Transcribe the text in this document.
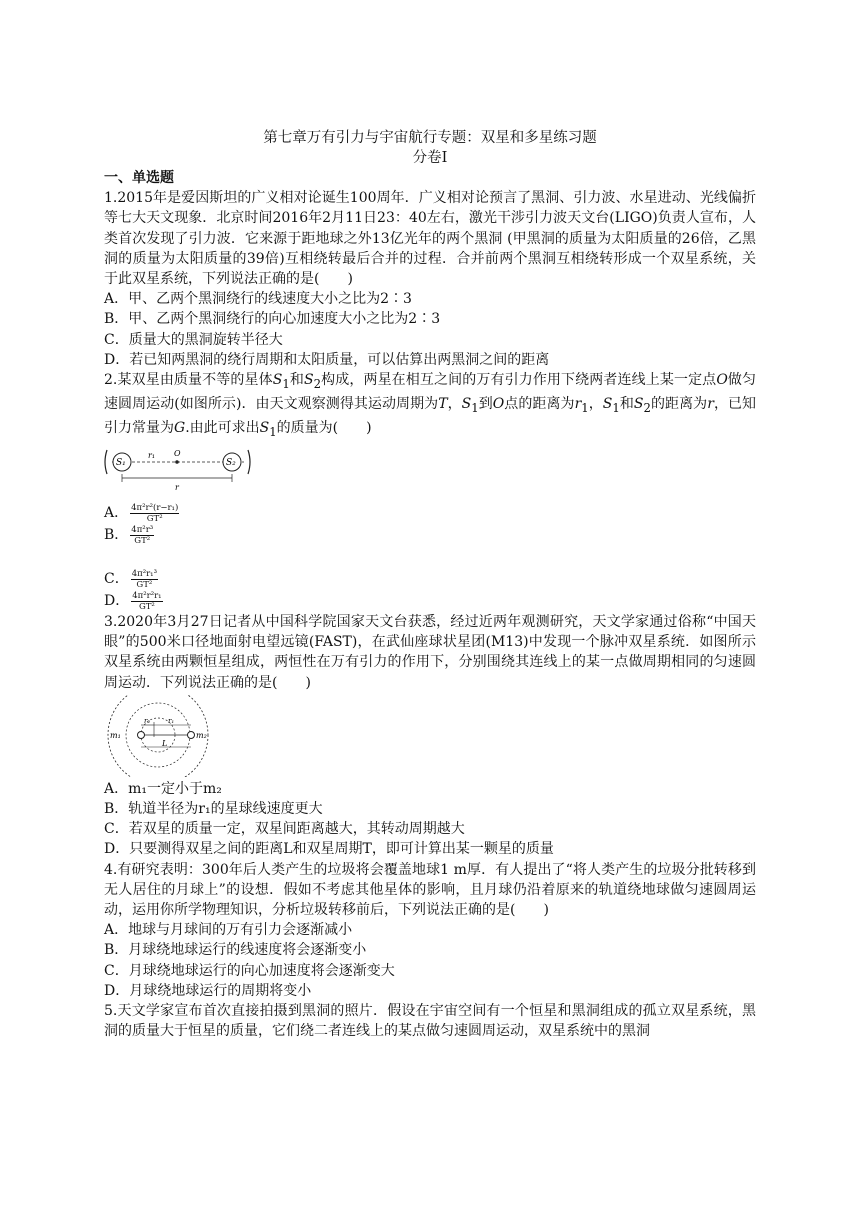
第七章万有引力与宇宙航行专题：双星和多星练习题
分卷I
一、单选题

1.2015年是爱因斯坦的广义相对论诞生100周年．广义相对论预言了黑洞、引力波、水星进动、光线偏折等七大天文现象．北京时间2016年2月11日23：40左右，激光干涉引力波天文台(LIGO)负责人宣布，人类首次发现了引力波．它来源于距地球之外13亿光年的两个黑洞 (甲黑洞的质量为太阳质量的26倍，乙黑洞的质量为太阳质量的39倍)互相绕转最后合并的过程．合并前两个黑洞互相绕转形成一个双星系统，关于此双星系统，下列说法正确的是(　　)

A．甲、乙两个黑洞绕行的线速度大小之比为2∶3
B．甲、乙两个黑洞绕行的向心加速度大小之比为2∶3
C．质量大的黑洞旋转半径大
D．若已知两黑洞的绕行周期和太阳质量，可以估算出两黑洞之间的距离

2.某双星由质量不等的星体$S_1$和$S_2$构成，两星在相互之间的万有引力作用下绕两者连线上某一定点O做匀速圆周运动(如图所示)．由天文观察测得其运动周期为T，$S_1$到O点的距离为$r_1$，$S_1$和$S_2$的距离为r，已知引力常量为G.由此可求出$S_1$的质量为(　　)

S₁	S₂
r₁ O
r
A． $\frac{\text{4π²r²(r−r₁)}}{\text{GT²}}$
B． $\frac{\text{4π²r³}}{\text{GT²}}$
C． $\frac{\text{4π²r₁³}}{\text{GT²}}$
D． $\frac{\text{4π²r²r₁}}{\text{GT²}}$

3.2020年3月27日记者从中国科学院国家天文台获悉，经过近两年观测研究，天文学家通过俗称“中国天眼”的500米口径地面射电望远镜(FAST)，在武仙座球状星团(M13)中发现一个脉冲双星系统．如图所示双星系统由两颗恒星组成，两恒性在万有引力的作用下，分别围绕其连线上的某一点做周期相同的匀速圆周运动．下列说法正确的是(　　)

m₁
r₂	r₁
L
m₂
A．m₁一定小于m₂
B．轨道半径为r₁的星球线速度更大
C．若双星的质量一定，双星间距离越大，其转动周期越大
D．只要测得双星之间的距离L和双星周期T，即可计算出某一颗星的质量

4.有研究表明：300年后人类产生的垃圾将会覆盖地球1 m厚．有人提出了“将人类产生的垃圾分批转移到无人居住的月球上”的设想．假如不考虑其他星体的影响，且月球仍沿着原来的轨道绕地球做匀速圆周运动，运用你所学物理知识，分析垃圾转移前后，下列说法正确的是(　　)

A．地球与月球间的万有引力会逐渐减小
B．月球绕地球运行的线速度将会逐渐变小
C．月球绕地球运行的向心加速度将会逐渐变大
D．月球绕地球运行的周期将变小

5.天文学家宣布首次直接拍摄到黑洞的照片．假设在宇宙空间有一个恒星和黑洞组成的孤立双星系统，黑洞的质量大于恒星的质量，它们绕二者连线上的某点做匀速圆周运动，双星系统中的黑洞
